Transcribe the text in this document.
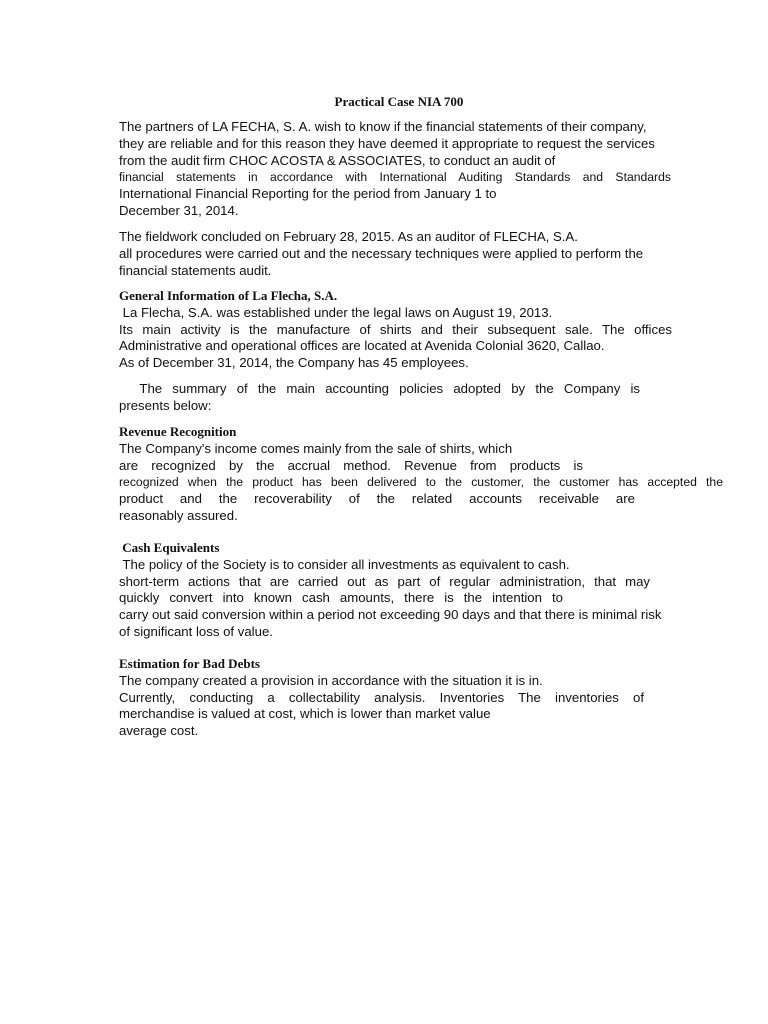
Practical Case NIA 700
The partners of LA FECHA, S. A. wish to know if the financial statements of their company,
they are reliable and for this reason they have deemed it appropriate to request the services
from the audit firm CHOC ACOSTA & ASSOCIATES, to conduct an audit of
financial statements in accordance with International Auditing Standards and Standards
International Financial Reporting for the period from January 1 to
December 31, 2014.
The fieldwork concluded on February 28, 2015. As an auditor of FLECHA, S.A.
all procedures were carried out and the necessary techniques were applied to perform the
financial statements audit.
General Information of La Flecha, S.A.
La Flecha, S.A. was established under the legal laws on August 19, 2013.
Its main activity is the manufacture of shirts and their subsequent sale. The offices
Administrative and operational offices are located at Avenida Colonial 3620, Callao.
As of December 31, 2014, the Company has 45 employees.
The summary of the main accounting policies adopted by the Company is
presents below:
Revenue Recognition
The Company's income comes mainly from the sale of shirts, which
are recognized by the accrual method. Revenue from products is
recognized when the product has been delivered to the customer, the customer has accepted the
product and the recoverability of the related accounts receivable are
reasonably assured.
Cash Equivalents
The policy of the Society is to consider all investments as equivalent to cash.
short-term actions that are carried out as part of regular administration, that may
quickly convert into known cash amounts, there is the intention to
carry out said conversion within a period not exceeding 90 days and that there is minimal risk
of significant loss of value.
Estimation for Bad Debts
The company created a provision in accordance with the situation it is in.
Currently, conducting a collectability analysis. Inventories The inventories of
merchandise is valued at cost, which is lower than market value
average cost.
